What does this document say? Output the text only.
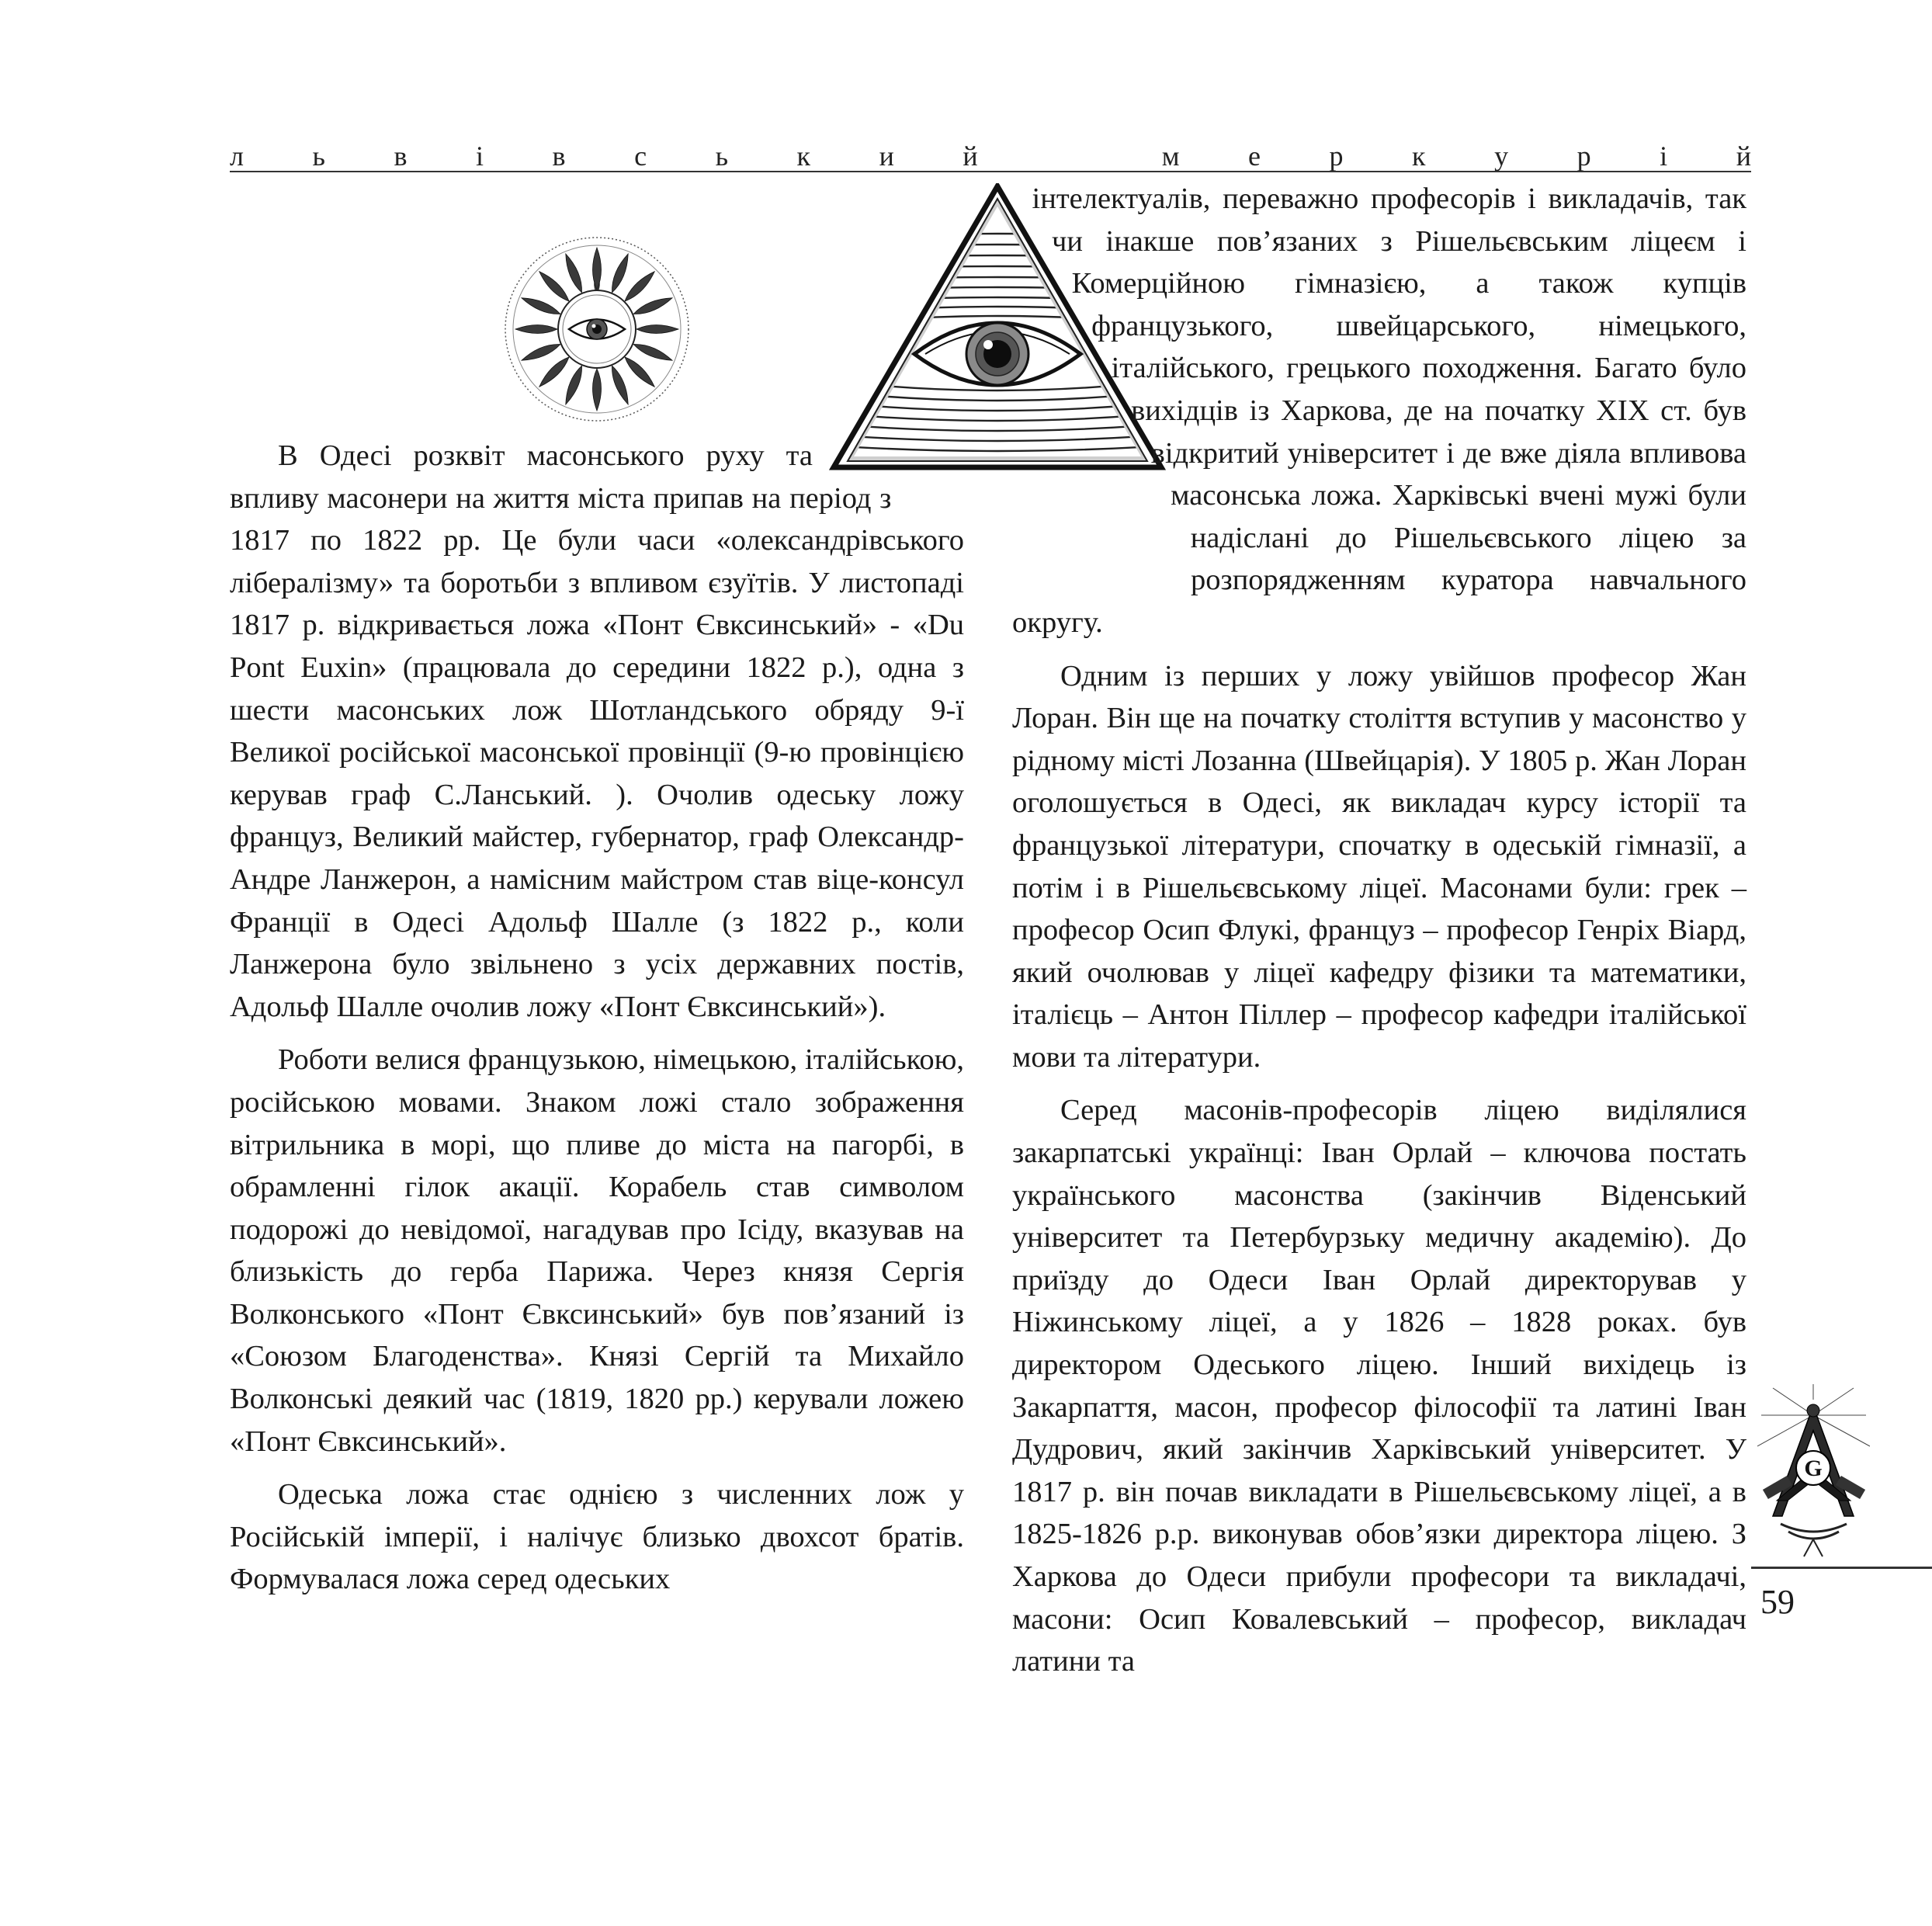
л ь в і в с ь к и й	м е р к у р і й

В Одесі розквіт масонського руху та впливу масонери на життя міста припав на період з 1817 по 1822 рр. Це були часи «олександрівського лібералізму» та боротьби з впливом єзуїтів. У листопаді 1817 р. відкривається ложа «Понт Євксинський» - «Du Pont Euxin» (працювала до середини 1822 р.), одна з шести масонських лож Шотландського обряду 9-ї Великої російської масонської провінції (9-ю провінцією керував граф С.Ланський. ). Очолив одеську ложу француз, Великий майстер, губернатор, граф Олександр-Андре Ланжерон, а намісним майстром став віце-консул Франції в Одесі Адольф Шалле (з 1822 р., коли Ланжерона було звільнено з усіх державних постів, Адольф Шалле очолив ложу «Понт Євксинський»).

Роботи велися французькою, німецькою, італійською, російською мовами. Знаком ложі стало зображення вітрильника в морі, що пливе до міста на пагорбі, в обрамленні гілок акації. Корабель став символом подорожі до невідомої, нагадував про Ісіду, вказував на близькість до герба Парижа. Через князя Сергія Волконського «Понт Євксинський» був пов’язаний із «Союзом Благоденства». Князі Сергій та Михайло Волконські деякий час (1819, 1820 рр.) керували ложею «Понт Євксинський».

Одеська ложа стає однією з численних лож у Російській імперії, і налічує близько двохсот братів. Формувалася ложа серед одеських

інтелектуалів, переважно професорів і викладачів, так чи інакше пов’язаних з Рішельєвським ліцеєм і Комерційною гімназією, а також купців французького, швейцарського, німецького, італійського, грецького походження. Багато було вихідців із Харкова, де на початку XIX ст. був відкритий університет і де вже діяла впливова масонська ложа. Харківські вчені мужі були надіслані до Рішельєвського ліцею за розпорядженням куратора навчального округу.

Одним із перших у ложу увійшов професор Жан Лоран. Він ще на початку століття вступив у масонство у рідному місті Лозанна (Швейцарія). У 1805 р. Жан Лоран оголошується в Одесі, як викладач курсу історії та французької літератури, спочатку в одеській гімназії, а потім і в Рішельєвському ліцеї. Масонами були: грек – професор Осип Флукі, француз – професор Генріх Віард, який очолював у ліцеї кафедру фізики та математики, італієць – Антон Піллер – професор кафедри італійської мови та літератури.

Серед масонів-професорів ліцею виділялися закарпатські українці: Іван Орлай – ключова постать українського масонства (закінчив Віденський університет та Петербурзьку медичну академію). До приїзду до Одеси Іван Орлай директорував у Ніжинському ліцеї, а у 1826 – 1828 роках. був директором Одеського ліцею. Інший вихідець із Закарпаття, масон, професор філософії та латині Іван Дудрович, який закінчив Харківський університет. У 1817 р. він почав викладати в Рішельєвському ліцеї, а в 1825-1826 р.р. виконував обов’язки директора ліцею. З Харкова до Одеси прибули професори та викладачі, масони: Осип Ковалевський – професор, викладач латини та

G
59
